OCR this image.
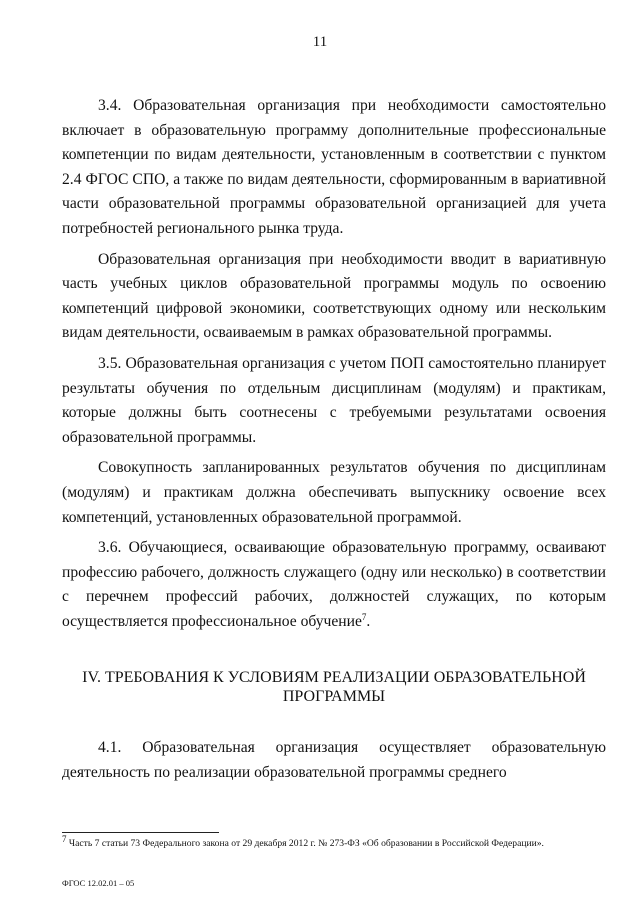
11

3.4. Образовательная организация при необходимости самостоятельно включает в образовательную программу дополнительные профессиональные компетенции по видам деятельности, установленным в соответствии с пунктом 2.4 ФГОС СПО, а также по видам деятельности, сформированным в вариативной части образовательной программы образовательной организацией для учета потребностей регионального рынка труда.

Образовательная организация при необходимости вводит в вариативную часть учебных циклов образовательной программы модуль по освоению компетенций цифровой экономики, соответствующих одному или нескольким видам деятельности, осваиваемым в рамках образовательной программы.

3.5. Образовательная организация с учетом ПОП самостоятельно планирует результаты обучения по отдельным дисциплинам (модулям) и практикам, которые должны быть соотнесены с требуемыми результатами освоения образовательной программы.

Совокупность запланированных результатов обучения по дисциплинам (модулям) и практикам должна обеспечивать выпускнику освоение всех компетенций, установленных образовательной программой.

3.6. Обучающиеся, осваивающие образовательную программу, осваивают профессию рабочего, должность служащего (одну или несколько) в соответствии с перечнем профессий рабочих, должностей служащих, по которым осуществляется профессиональное обучение$^7$.

IV. ТРЕБОВАНИЯ К УСЛОВИЯМ РЕАЛИЗАЦИИ ОБРАЗОВАТЕЛЬНОЙ
ПРОГРАММЫ

4.1. Образовательная организация осуществляет образовательную деятельность по реализации образовательной программы среднего

$^7$ Часть 7 статьи 73 Федерального закона от 29 декабря 2012 г. № 273-ФЗ «Об образовании в Российской Федерации».
ФГОС 12.02.01 – 05
